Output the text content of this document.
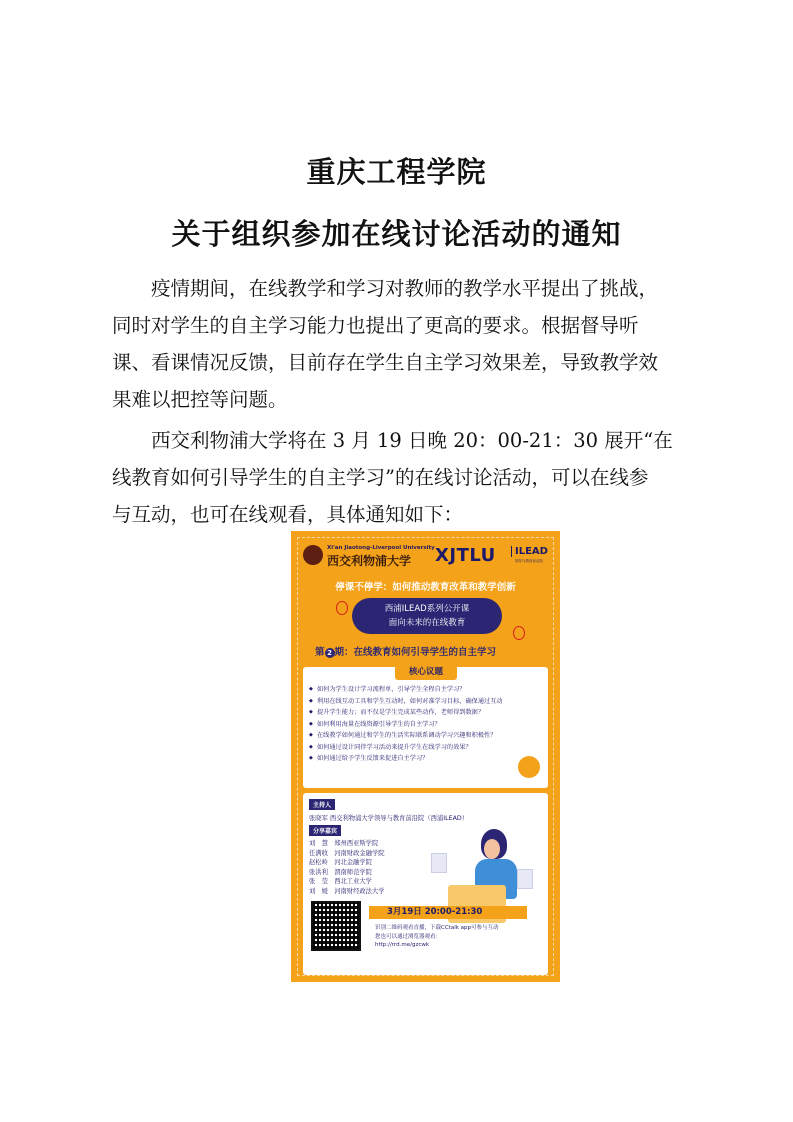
重庆工程学院
关于组织参加在线讨论活动的通知
疫情期间，在线教学和学习对教师的教学水平提出了挑战，
同时对学生的自主学习能力也提出了更高的要求。根据督导听
课、看课情况反馈，目前存在学生自主学习效果差，导致教学效
果难以把控等问题。
西交利物浦大学将在 3 月 19 日晚 20：00-21：30 展开“在
线教育如何引导学生的自主学习”的在线讨论活动，可以在线参
与互动，也可在线观看，具体通知如下：
Xi'an Jiaotong-Liverpool University
西交利物浦大学 XJTLU	ILEAD
领导与教育前沿院
停课不停学：如何推动教育改革和教学创新
西浦ILEAD系列公开课
面向未来的在线教育
第 2 期：在线教育如何引导学生的自主学习
核心议题
◆ 如何为学生设计学习流程单，引导学生全程自主学习？
◆ 利用在线互动工具和学生互动时，如何对准学习目标，确保通过互动
◆ 提升学生能力；而不仅是学生完成某些动作，老师得到数据？
◆ 如何利用海量在线资源引导学生的自主学习？
◆ 在线教学如何通过和学生的生活实际联系调动学习兴趣和积极性？
◆ 如何通过设计同伴学习活动来提升学生在线学习的效果？
◆ 如何通过给予学生反馈来促进自主学习？
主持人
张晓军 西交利物浦大学领导与教育前沿院（西浦ILEAD）
分享嘉宾
刘　慧　郑州西亚斯学院
任满收　河南财政金融学院
赵松岭　河北金融学院
张洪利　渭南师范学院
张　莹　西北工业大学
刘　媛　河南财经政法大学
3月19日 20:00-21:30
识别二维码观看直播，下载CCtalk app可参与互动
您也可以通过浏览器观看：
http://rrd.me/gzcwk
